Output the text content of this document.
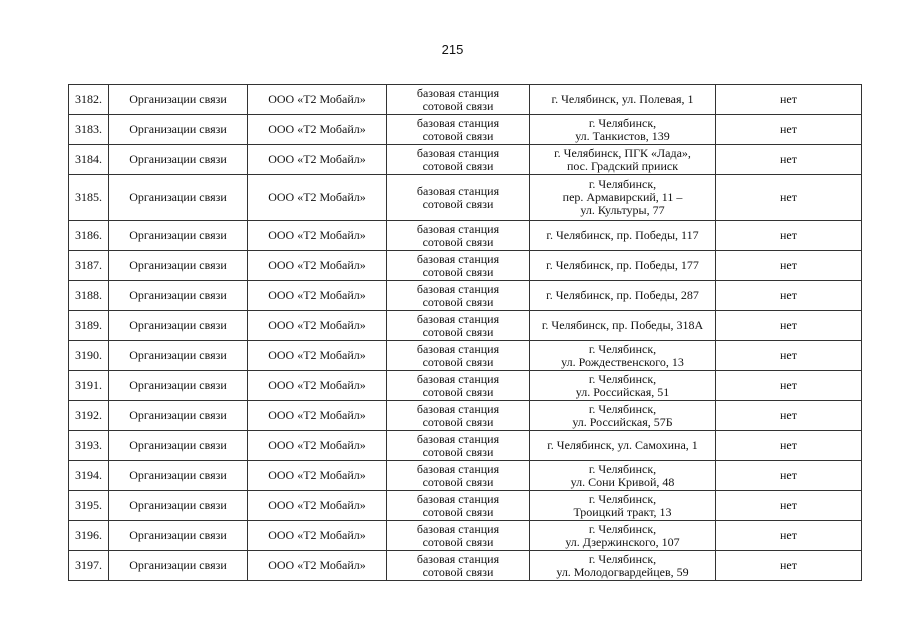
215
3182.	Организации связи	ООО «Т2 Мобайл»	базовая станция
сотовой связи	г. Челябинск, ул. Полевая, 1	нет
3183.	Организации связи	ООО «Т2 Мобайл»	базовая станция
сотовой связи	г. Челябинск,
ул. Танкистов, 139	нет
3184.	Организации связи	ООО «Т2 Мобайл»	базовая станция
сотовой связи	г. Челябинск, ПГК «Лада»,
пос. Градский прииск	нет
3185.	Организации связи	ООО «Т2 Мобайл»	базовая станция
сотовой связи	г. Челябинск,
пер. Армавирский, 11 –
ул. Культуры, 77	нет
3186.	Организации связи	ООО «Т2 Мобайл»	базовая станция
сотовой связи	г. Челябинск, пр. Победы, 117	нет
3187.	Организации связи	ООО «Т2 Мобайл»	базовая станция
сотовой связи	г. Челябинск, пр. Победы, 177	нет
3188.	Организации связи	ООО «Т2 Мобайл»	базовая станция
сотовой связи	г. Челябинск, пр. Победы, 287	нет
3189.	Организации связи	ООО «Т2 Мобайл»	базовая станция
сотовой связи	г. Челябинск, пр. Победы, 318А	нет
3190.	Организации связи	ООО «Т2 Мобайл»	базовая станция
сотовой связи	г. Челябинск,
ул. Рождественского, 13	нет
3191.	Организации связи	ООО «Т2 Мобайл»	базовая станция
сотовой связи	г. Челябинск,
ул. Российская, 51	нет
3192.	Организации связи	ООО «Т2 Мобайл»	базовая станция
сотовой связи	г. Челябинск,
ул. Российская, 57Б	нет
3193.	Организации связи	ООО «Т2 Мобайл»	базовая станция
сотовой связи	г. Челябинск, ул. Самохина, 1	нет
3194.	Организации связи	ООО «Т2 Мобайл»	базовая станция
сотовой связи	г. Челябинск,
ул. Сони Кривой, 48	нет
3195.	Организации связи	ООО «Т2 Мобайл»	базовая станция
сотовой связи	г. Челябинск,
Троицкий тракт, 13	нет
3196.	Организации связи	ООО «Т2 Мобайл»	базовая станция
сотовой связи	г. Челябинск,
ул. Дзержинского, 107	нет
3197.	Организации связи	ООО «Т2 Мобайл»	базовая станция
сотовой связи	г. Челябинск,
ул. Молодогвардейцев, 59	нет
